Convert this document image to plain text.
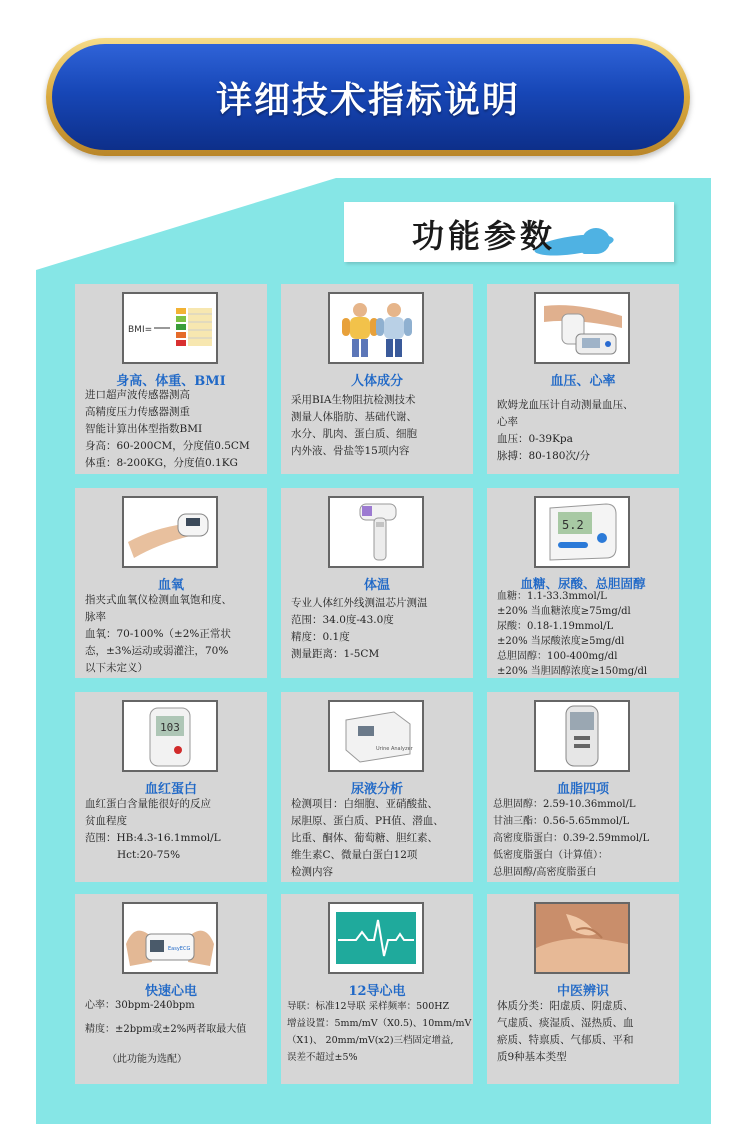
详细技术指标说明
功能参数
BMI=
身高、体重、BMI
进口超声波传感器测高
高精度压力传感器测重
智能计算出体型指数BMI
身高：60-200CM，分度值0.5CM
体重：8-200KG，分度值0.1KG
人体成分
采用BIA生物阻抗检测技术
测量人体脂肪、基础代谢、
水分、肌肉、蛋白质、细胞
内外液、骨盐等15项内容
血压、心率
欧姆龙血压计自动测量血压、
心率
血压：0-39Kpa
脉搏：80-180次/分
血氧
指夹式血氧仪检测血氧饱和度、
脉率
血氧：70-100%（±2%正常状
态，±3%运动或弱灌注，70%
以下未定义）
体温
专业人体红外线测温芯片测温
范围：34.0度-43.0度
精度：0.1度
测量距离：1-5CM
5.2
血糖、尿酸、总胆固醇
血糖：1.1-33.3mmol/L
±20% 当血糖浓度≥75mg/dl
尿酸：0.18-1.19mmol/L
±20% 当尿酸浓度≥5mg/dl
总胆固醇：100-400mg/dl
±20% 当胆固醇浓度≥150mg/dl
103
血红蛋白
血红蛋白含量能很好的反应
贫血程度
范围：HB:4.3-16.1mmol/L
Hct:20-75%
Urine Analyzer
尿液分析
检测项目：白细胞、亚硝酸盐、
尿胆原、蛋白质、PH值、潜血、
比重、酮体、葡萄糖、胆红素、
维生素C、微量白蛋白12项
检测内容
血脂四项
总胆固醇：2.59-10.36mmol/L
甘油三酯：0.56-5.65mmol/L
高密度脂蛋白：0.39-2.59mmol/L
低密度脂蛋白（计算值）：
总胆固醇/高密度脂蛋白
EasyECG
快速心电
心率：30bpm-240bpm
精度：±2bpm或±2%两者取最大值
（此功能为选配）
12导心电
导联：标准12导联 采样频率：500HZ
增益设置：5mm/mV（X0.5)、10mm/mV
（X1)、 20mm/mV(x2)三档固定增益,
误差不超过±5%
中医辨识
体质分类：阳虚质、阴虚质、
气虚质、痰湿质、湿热质、血
瘀质、特禀质、气郁质、平和
质9种基本类型
